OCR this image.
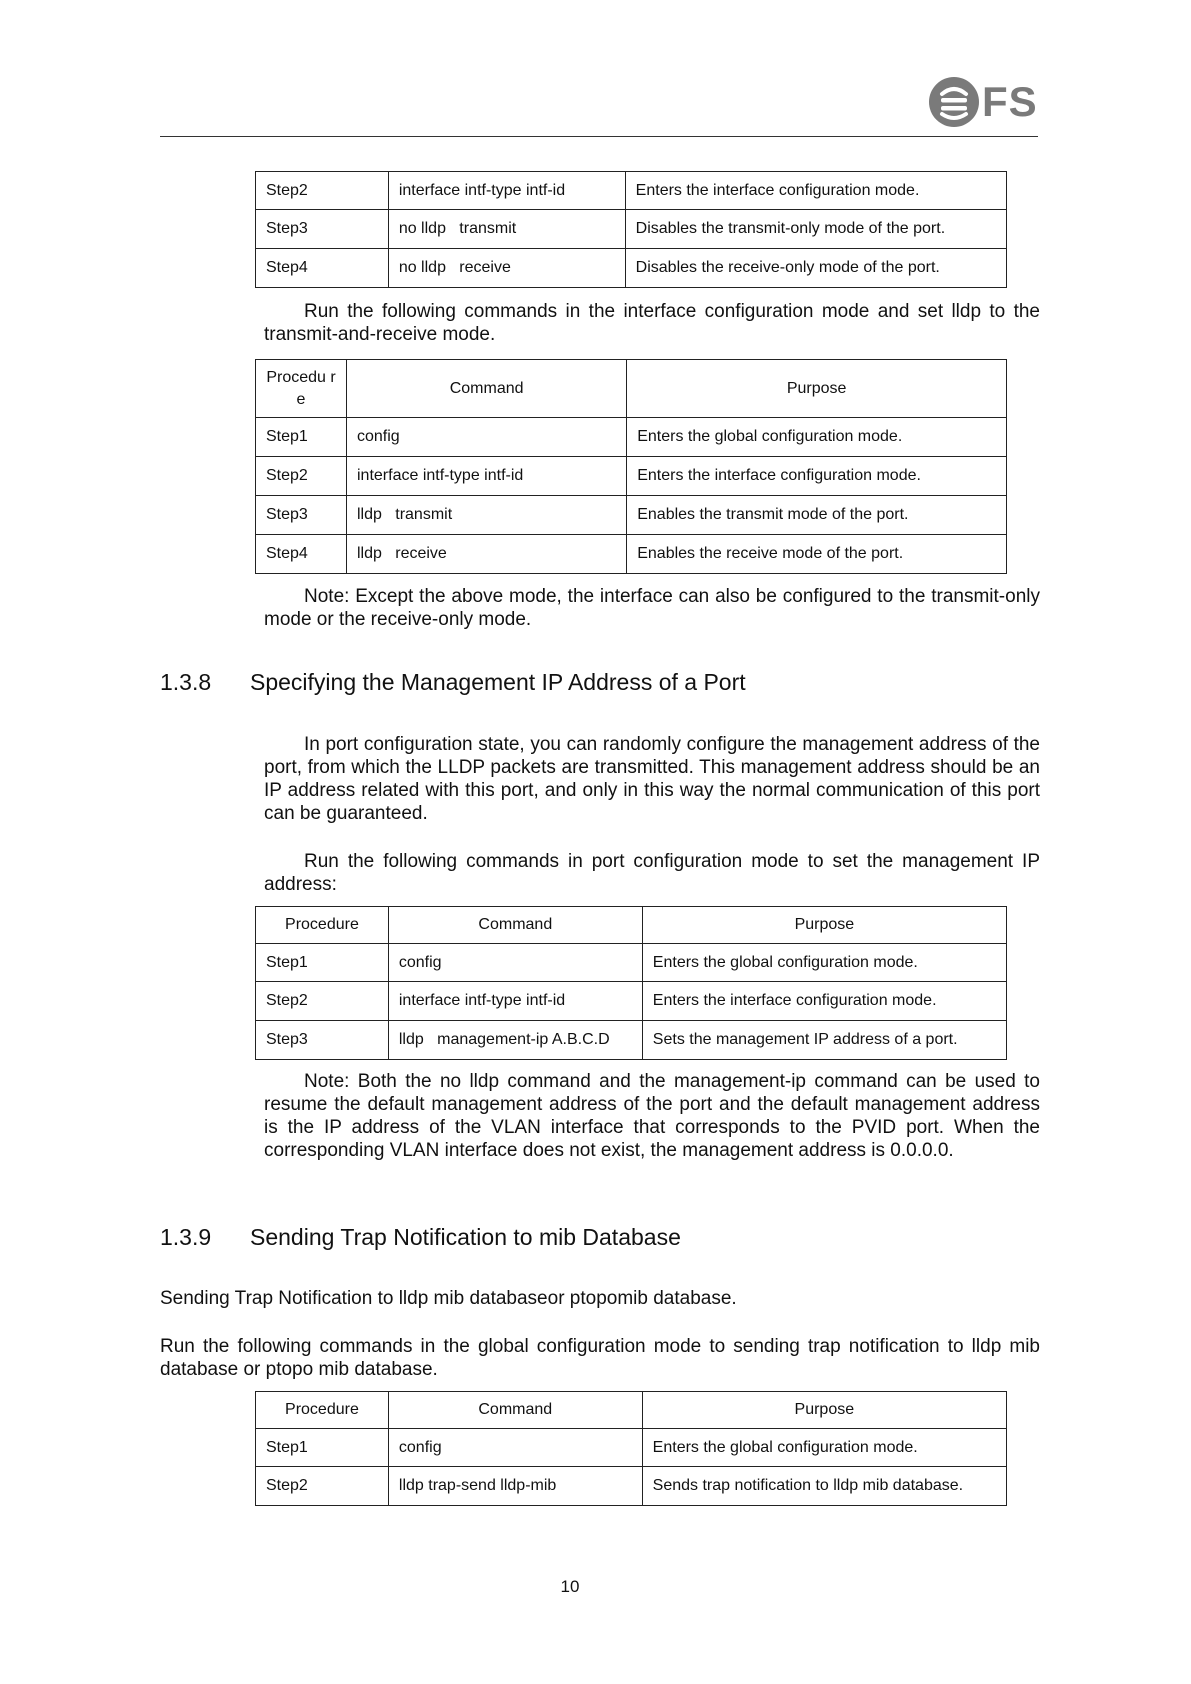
FS
Step2	interface intf-type intf-id	Enters the interface configuration mode.
Step3	no lldp   transmit	Disables the transmit-only mode of the port.
Step4	no lldp   receive	Disables the receive-only mode of the port.

Run the following commands in the interface configuration mode and set lldp to the transmit-and-receive mode.

Procedu re	Command	Purpose
Step1	config	Enters the global configuration mode.
Step2	interface intf-type intf-id	Enters the interface configuration mode.
Step3	lldp   transmit	Enables the transmit mode of the port.
Step4	lldp   receive	Enables the receive mode of the port.

Note: Except the above mode, the interface can also be configured to the transmit-only mode or the receive-only mode.

1.3.8 Specifying the Management IP Address of a Port

In port configuration state, you can randomly configure the management address of the port, from which the LLDP packets are transmitted. This management address should be an IP address related with this port, and only in this way the normal communication of this port can be guaranteed.

Run the following commands in port configuration mode to set the management IP address:

Procedure	Command	Purpose
Step1	config	Enters the global configuration mode.
Step2	interface intf-type intf-id	Enters the interface configuration mode.
Step3	lldp   management-ip A.B.C.D	Sets the management IP address of a port.

Note: Both the no lldp command and the management-ip command can be used to resume the default management address of the port and the default management address is the IP address of the VLAN interface that corresponds to the PVID port. When the corresponding VLAN interface does not exist, the management address is 0.0.0.0.

1.3.9 Sending Trap Notification to mib Database

Sending Trap Notification to lldp mib databaseor ptopomib database.

Run the following commands in the global configuration mode to sending trap notification to lldp mib database or ptopo mib database.

Procedure	Command	Purpose
Step1	config	Enters the global configuration mode.
Step2	lldp trap-send lldp-mib	Sends trap notification to lldp mib database.
10
